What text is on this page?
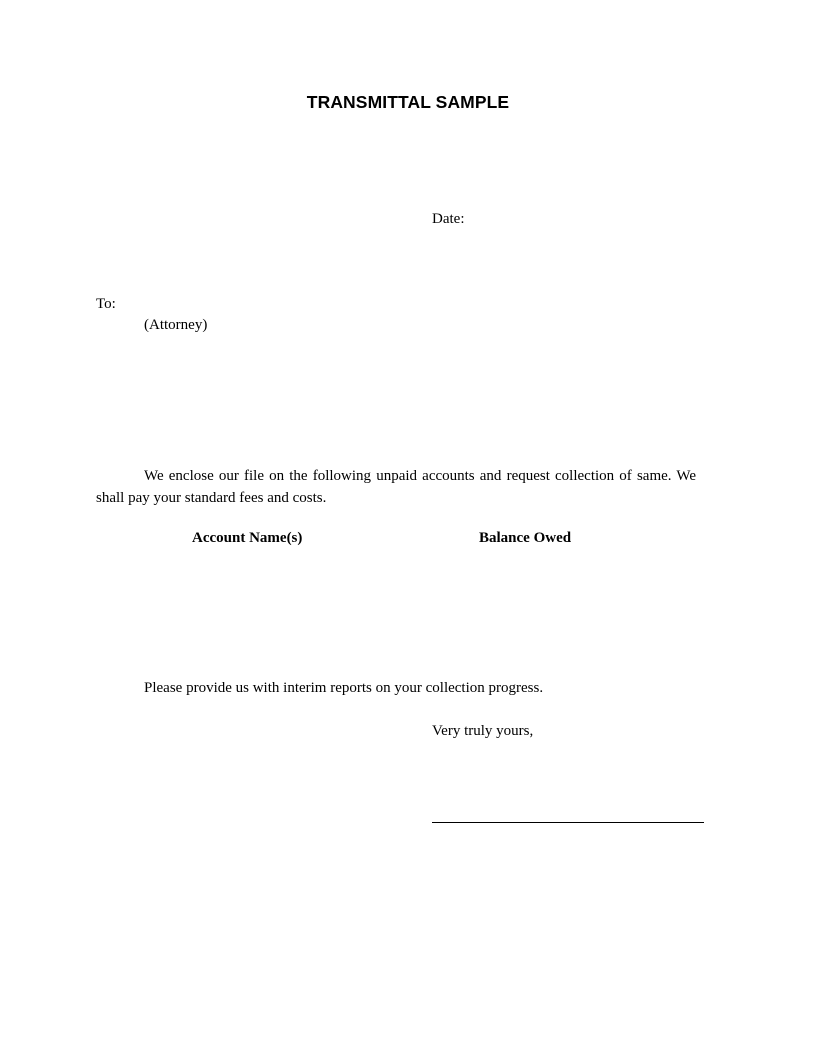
TRANSMITTAL SAMPLE
Date:
To:
(Attorney)
We enclose our file on the following unpaid accounts and request collection of same. We shall pay your standard fees and costs.
Account Name(s)	Balance Owed
Please provide us with interim reports on your collection progress.
Very truly yours,
